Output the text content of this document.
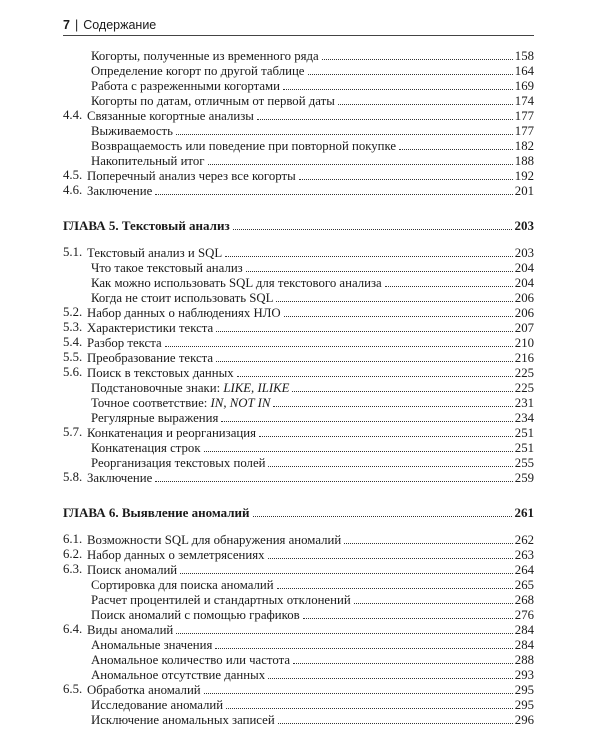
7 | Содержание
Когорты, полученные из временного ряда	158
Определение когорт по другой таблице	164
Работа с разреженными когортами	169
Когорты по датам, отличным от первой даты	174
4.4. Связанные когортные анализы	177
Выживаемость	177
Возвращаемость или поведение при повторной покупке	182
Накопительный итог	188
4.5. Поперечный анализ через все когорты	192
4.6. Заключение	201
ГЛАВА 5. Текстовый анализ	203
5.1. Текстовый анализ и SQL	203
Что такое текстовый анализ	204
Как можно использовать SQL для текстового анализа	204
Когда не стоит использовать SQL	206
5.2. Набор данных о наблюдениях НЛО	206
5.3. Характеристики текста	207
5.4. Разбор текста	210
5.5. Преобразование текста	216
5.6. Поиск в текстовых данных	225
Подстановочные знаки: LIKE, ILIKE	225
Точное соответствие: IN, NOT IN	231
Регулярные выражения	234
5.7. Конкатенация и реорганизация	251
Конкатенация строк	251
Реорганизация текстовых полей	255
5.8. Заключение	259
ГЛАВА 6. Выявление аномалий	261
6.1. Возможности SQL для обнаружения аномалий	262
6.2. Набор данных о землетрясениях	263
6.3. Поиск аномалий	264
Сортировка для поиска аномалий	265
Расчет процентилей и стандартных отклонений	268
Поиск аномалий с помощью графиков	276
6.4. Виды аномалий	284
Аномальные значения	284
Аномальное количество или частота	288
Аномальное отсутствие данных	293
6.5. Обработка аномалий	295
Исследование аномалий	295
Исключение аномальных записей	296
